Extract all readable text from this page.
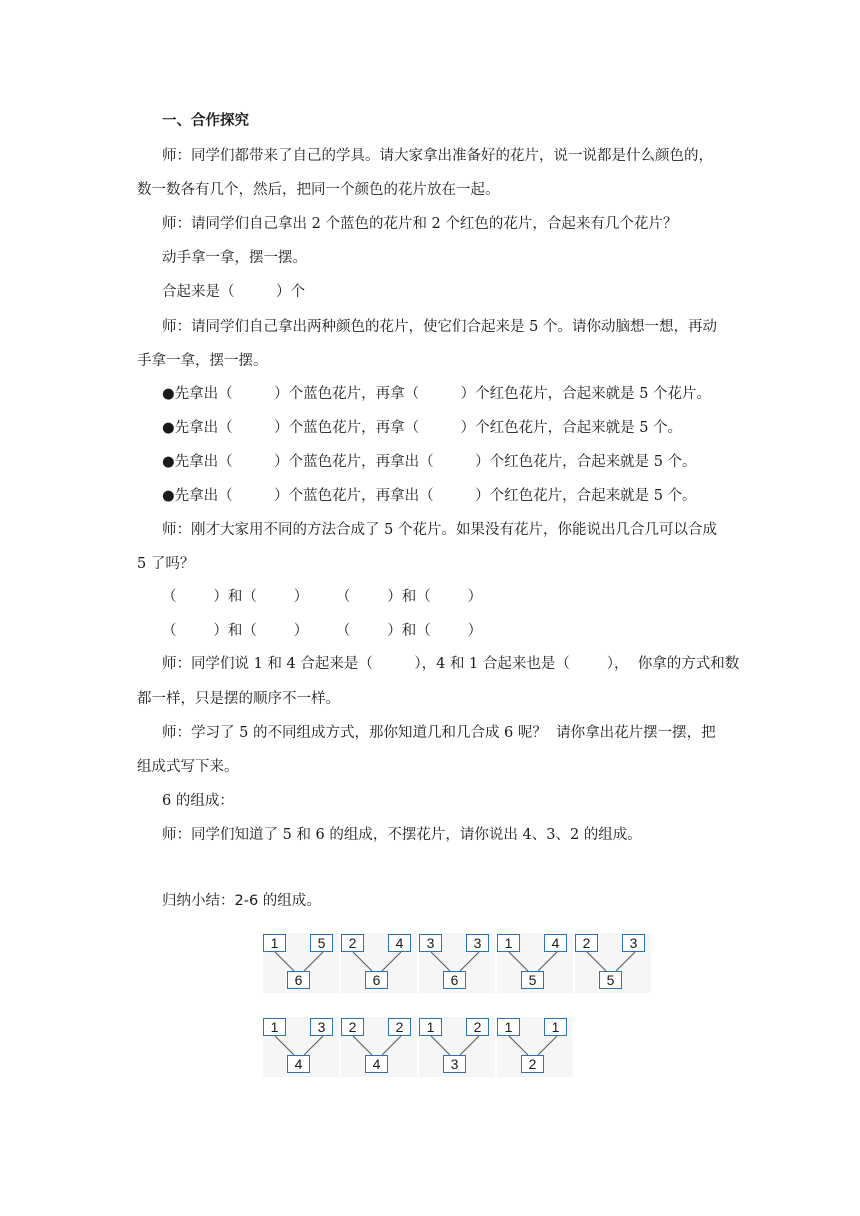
一、合作探究
师：同学们都带来了自己的学具。请大家拿出准备好的花片，说一说都是什么颜色的，
数一数各有几个，然后，把同一个颜色的花片放在一起。
师：请同学们自己拿出 2 个蓝色的花片和 2 个红色的花片，合起来有几个花片？
动手拿一拿，摆一摆。
合起来是（         ）个
师：请同学们自己拿出两种颜色的花片，使它们合起来是 5 个。请你动脑想一想，再动
手拿一拿，摆一摆。
●先拿出（         ）个蓝色花片，再拿（         ）个红色花片，合起来就是 5 个花片。
●先拿出（         ）个蓝色花片，再拿（         ）个红色花片，合起来就是 5 个。
●先拿出（         ）个蓝色花片，再拿出（         ）个红色花片，合起来就是 5 个。
●先拿出（         ）个蓝色花片，再拿出（         ）个红色花片，合起来就是 5 个。
师：刚才大家用不同的方法合成了 5 个花片。如果没有花片，你能说出几合几可以合成
5 了吗？
（        ）和（        ）      （        ）和（        ）
（        ）和（        ）      （        ）和（        ）
师：同学们说 1 和 4 合起来是（         ），4 和 1 合起来也是（        ），  你拿的方式和数
都一样，只是摆的顺序不一样。
师：学习了 5 的不同组成方式，那你知道几和几合成 6 呢？  请你拿出花片摆一摆，把
组成式写下来。
6 的组成：
师：同学们知道了 5 和 6 的组成，不摆花片，请你说出 4、3、2 的组成。
归纳小结：2-6 的组成。
1	5
6
2	4
6
3	3
6
1	4
5
2	3
5
1	3
4
2	2
4
1	2
3
1	1
2
